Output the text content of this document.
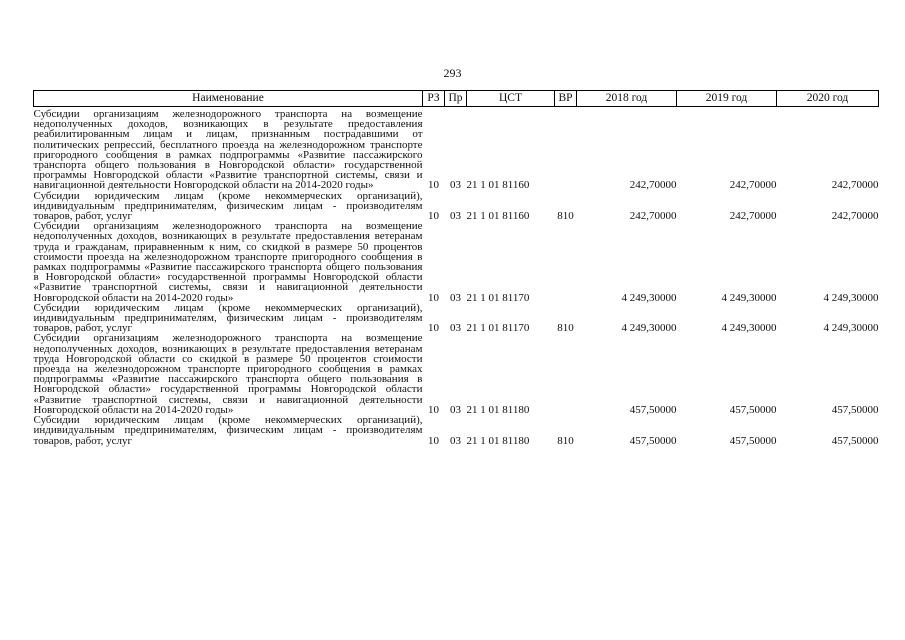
293
Наименование	РЗ	Пр	ЦСТ	ВР	2018 год	2019 год	2020 год

Субсидии организациям железнодорожного транспорта на возмещение недополученных доходов, возникающих в результате предоставления реабилитированным лицам и лицам, признанным пострадавшими от политических репрессий, бесплатного проезда на железнодорожном транспорте пригородного сообщения в рамках подпрограммы «Развитие пассажирского транспорта общего пользования в Новгородской области» государственной программы Новгородской области «Развитие транспортной системы, связи и навигационной деятельности Новгородской области на 2014-2020 годы»	10	03	21 1 01 81160		242,70000	242,70000	242,70000
Субсидии юридическим лицам (кроме некоммерческих организаций), индивидуальным предпринимателям, физическим лицам - производителям товаров, работ, услуг	10	03	21 1 01 81160	810	242,70000	242,70000	242,70000
Субсидии организациям железнодорожного транспорта на возмещение недополученных доходов, возникающих в результате предоставления ветеранам труда и гражданам, приравненным к ним, со скидкой в размере 50 процентов стоимости проезда на железнодорожном транспорте пригородного сообщения в рамках подпрограммы «Развитие пассажирского транспорта общего пользования в Новгородской области» государственной программы Новгородской области «Развитие транспортной системы, связи и навигационной деятельности Новгородской области на 2014-2020 годы»	10	03	21 1 01 81170		4 249,30000	4 249,30000	4 249,30000
Субсидии юридическим лицам (кроме некоммерческих организаций), индивидуальным предпринимателям, физическим лицам - производителям товаров, работ, услуг	10	03	21 1 01 81170	810	4 249,30000	4 249,30000	4 249,30000
Субсидии организациям железнодорожного транспорта на возмещение недополученных доходов, возникающих в результате предоставления ветеранам труда Новгородской области со скидкой в размере 50 процентов стоимости проезда на железнодорожном транспорте пригородного сообщения в рамках подпрограммы «Развитие пассажирского транспорта общего пользования в Новгородской области» государственной программы Новгородской области «Развитие транспортной системы, связи и навигационной деятельности Новгородской области на 2014-2020 годы»	10	03	21 1 01 81180		457,50000	457,50000	457,50000
Субсидии юридическим лицам (кроме некоммерческих организаций), индивидуальным предпринимателям, физическим лицам - производителям товаров, работ, услуг	10	03	21 1 01 81180	810	457,50000	457,50000	457,50000
